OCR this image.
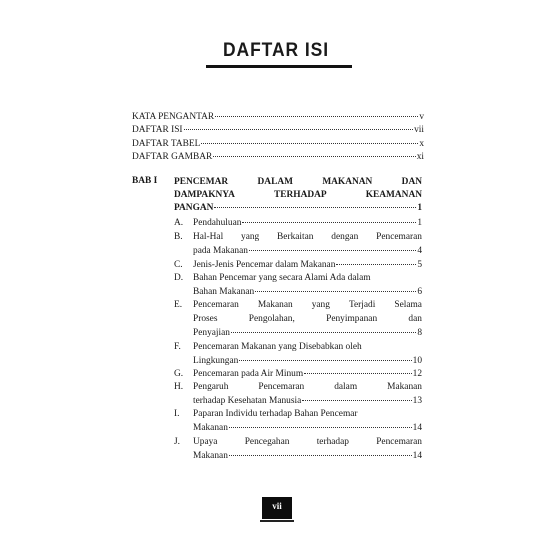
DAFTAR ISI
KATA PENGANTAR	v
DAFTAR ISI	vii
DAFTAR TABEL	x
DAFTAR GAMBAR	xi
BAB I PENCEMAR	DALAM	MAKANAN	DAN
DAMPAKNYA	TERHADAP	KEAMANAN
PANGAN	1
A. Pendahuluan	1
B. Hal-Hal yang Berkaitan dengan Pencemaran
pada Makanan	4
C. Jenis-Jenis Pencemar dalam Makanan	5
D. Bahan Pencemar yang secara Alami Ada dalam
Bahan Makanan	6
E. Pencemaran Makanan yang Terjadi Selama
Proses	Pengolahan,	Penyimpanan	dan
Penyajian	8
F. Pencemaran Makanan yang Disebabkan oleh
Lingkungan	10
G. Pencemaran pada Air Minum	12
H. Pengaruh	Pencemaran	dalam	Makanan
terhadap Kesehatan Manusia	13
I. Paparan Individu terhadap Bahan Pencemar
Makanan	14
J. Upaya	Pencegahan	terhadap	Pencemaran
Makanan	14
vii
